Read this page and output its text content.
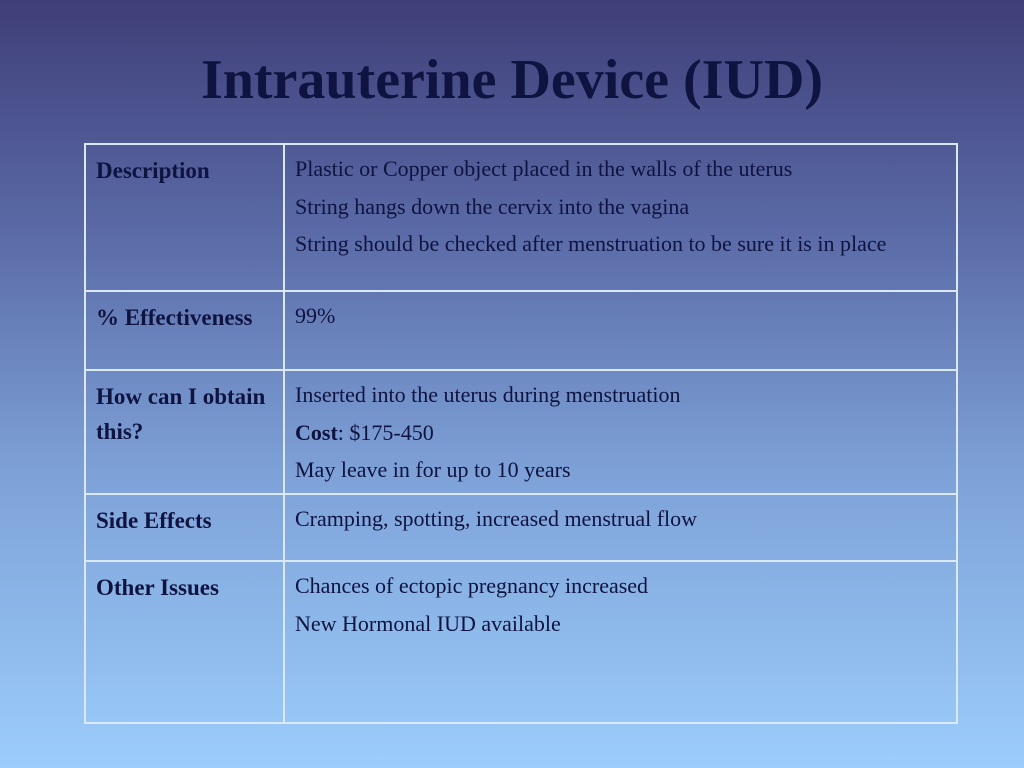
Intrauterine Device (IUD)
Description	Plastic or Copper object placed in the walls of the uterus

String hangs down the cervix into the vagina

String should be checked after menstruation to be sure it is in place

% Effectiveness	99%

How can I obtain this?	Inserted into the uterus during menstruation

Cost: $175-450

May leave in for up to 10 years

Side Effects	Cramping, spotting, increased menstrual flow

Other Issues	Chances of ectopic pregnancy increased

New Hormonal IUD available
